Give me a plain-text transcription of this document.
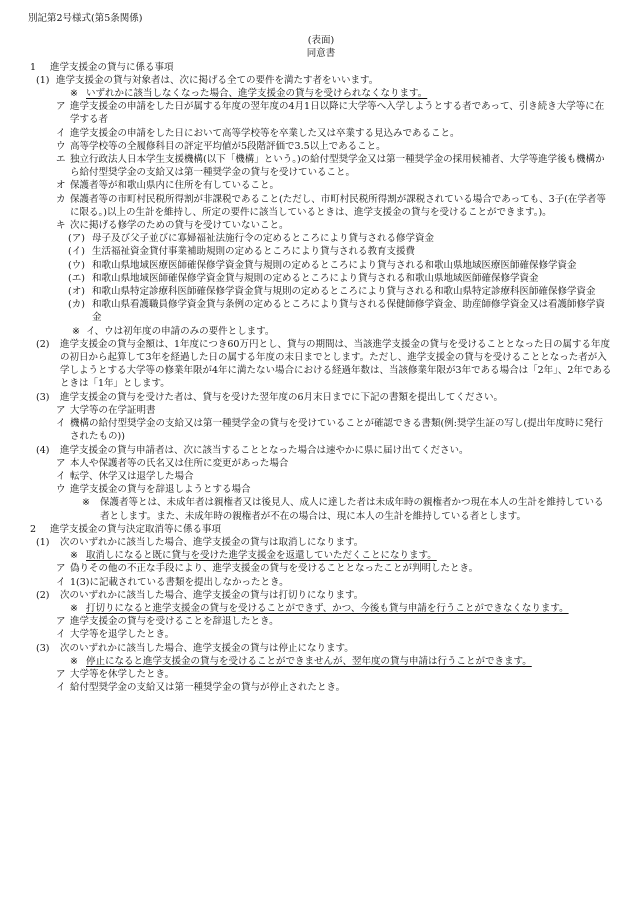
別記第2号様式(第5条関係)
(表面)
同意書
1 進学支援金の貸与に係る事項
(1) 進学支援金の貸与対象者は、次に掲げる全ての要件を満たす者をいいます。
※ いずれかに該当しなくなった場合、進学支援金の貸与を受けられなくなります。
ア 進学支援金の申請をした日が属する年度の翌年度の4月1日以降に大学等へ入学しようとする者であって、引き続き大学等に在学する者
イ 進学支援金の申請をした日において高等学校等を卒業した又は卒業する見込みであること。
ウ 高等学校等の全履修科目の評定平均値が5段階評価で3.5以上であること。
エ 独立行政法人日本学生支援機構(以下「機構」という。)の給付型奨学金又は第一種奨学金の採用候補者、大学等進学後も機構から給付型奨学金の支給又は第一種奨学金の貸与を受けていること。
オ 保護者等が和歌山県内に住所を有していること。
カ 保護者等の市町村民税所得割が非課税であること(ただし、市町村民税所得割が課税されている場合であっても、3子(在学者等に限る。)以上の生計を維持し、所定の要件に該当しているときは、進学支援金の貸与を受けることができます。)。
キ 次に掲げる修学のための貸与を受けていないこと。
(ア) 母子及び父子並びに寡婦福祉法施行令の定めるところにより貸与される修学資金
(イ) 生活福祉資金貸付事業補助規則の定めるところにより貸与される教育支援費
(ウ) 和歌山県地域医療医師確保修学資金貸与規則の定めるところにより貸与される和歌山県地域医療医師確保修学資金
(エ) 和歌山県地域医師確保修学資金貸与規則の定めるところにより貸与される和歌山県地域医師確保修学資金
(オ) 和歌山県特定診療科医師確保修学資金貸与規則の定めるところにより貸与される和歌山県特定診療科医師確保修学資金
(カ) 和歌山県看護職員修学資金貸与条例の定めるところにより貸与される保健師修学資金、助産師修学資金又は看護師修学資金
※ イ、ウは初年度の申請のみの要件とします。
(2) 進学支援金の貸与金額は、1年度につき60万円とし、貸与の期間は、当該進学支援金の貸与を受けることとなった日の属する年度の初日から起算して3年を経過した日の属する年度の末日までとします。ただし、進学支援金の貸与を受けることとなった者が入学しようとする大学等の修業年限が4年に満たない場合における経過年数は、当該修業年限が3年である場合は「2年」、2年であるときは「1年」とします。
(3) 進学支援金の貸与を受けた者は、貸与を受けた翌年度の6月末日までに下記の書類を提出してください。
ア 大学等の在学証明書
イ 機構の給付型奨学金の支給又は第一種奨学金の貸与を受けていることが確認できる書類(例:奨学生証の写し(提出年度時に発行されたもの))
(4) 進学支援金の貸与申請者は、次に該当することとなった場合は速やかに県に届け出てください。
ア 本人や保護者等の氏名又は住所に変更があった場合
イ 転学、休学又は退学した場合
ウ 進学支援金の貸与を辞退しようとする場合
※ 保護者等とは、未成年者は親権者又は後見人、成人に達した者は未成年時の親権者かつ現在本人の生計を維持している者とします。また、未成年時の親権者が不在の場合は、現に本人の生計を維持している者とします。
2 進学支援金の貸与決定取消等に係る事項
(1) 次のいずれかに該当した場合、進学支援金の貸与は取消しになります。
※ 取消しになると既に貸与を受けた進学支援金を返還していただくことになります。
ア 偽りその他の不正な手段により、進学支援金の貸与を受けることとなったことが判明したとき。
イ 1(3)に記載されている書類を提出しなかったとき。
(2) 次のいずれかに該当した場合、進学支援金の貸与は打切りになります。
※ 打切りになると進学支援金の貸与を受けることができず、かつ、今後も貸与申請を行うことができなくなります。
ア 進学支援金の貸与を受けることを辞退したとき。
イ 大学等を退学したとき。
(3) 次のいずれかに該当した場合、進学支援金の貸与は停止になります。
※ 停止になると進学支援金の貸与を受けることができませんが、翌年度の貸与申請は行うことができます。
ア 大学等を休学したとき。
イ 給付型奨学金の支給又は第一種奨学金の貸与が停止されたとき。
